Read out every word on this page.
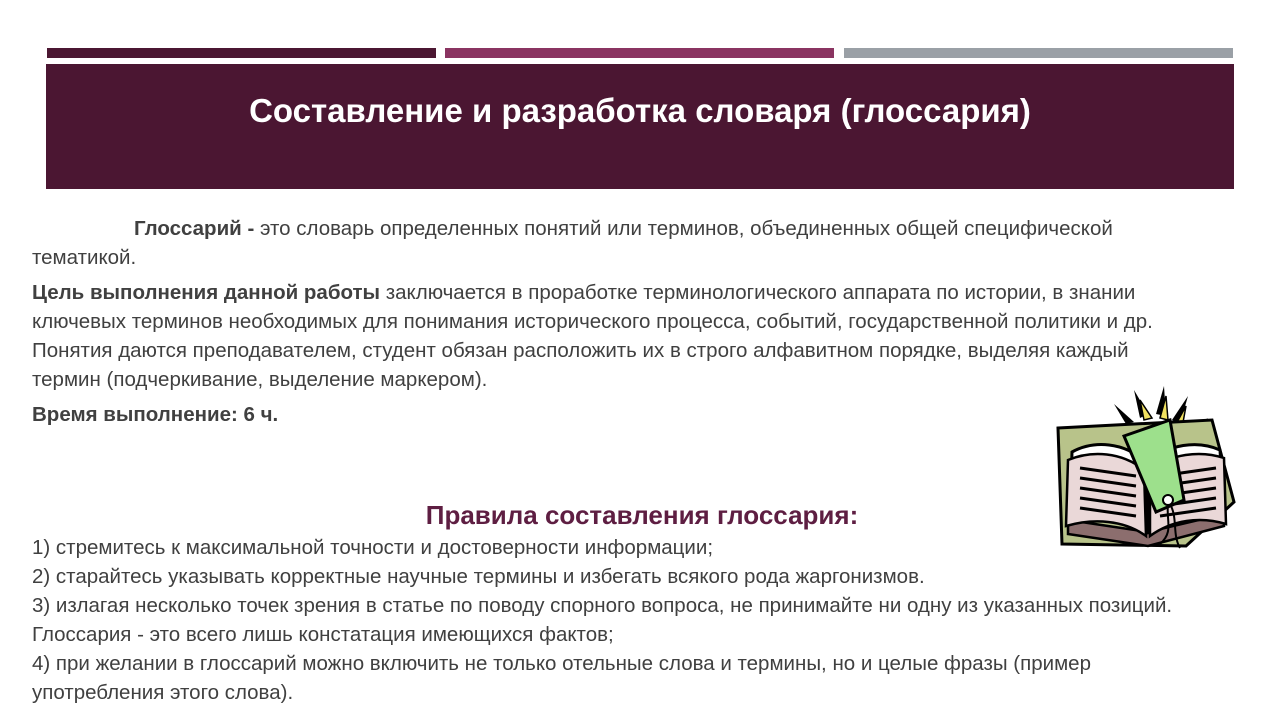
Составление и разработка словаря (глоссария)

Глоссарий - это словарь определенных понятий или терминов, объединенных общей специфической тематикой.

Цель выполнения данной работы заключается в проработке терминологического аппарата по истории, в знании ключевых терминов необходимых для понимания исторического процесса, событий, государственной политики и др.
Понятия даются преподавателем, студент обязан расположить их в строго алфавитном порядке, выделяя каждый термин (подчеркивание, выделение маркером).

Время выполнение: 6 ч.

Правила составления глоссария:
1) стремитесь к максимальной точности и достоверности информации;
2) старайтесь указывать корректные научные термины и избегать всякого рода жаргонизмов.
3) излагая несколько точек зрения в статье по поводу спорного вопроса, не принимайте ни одну из указанных позиций. Глоссария - это всего лишь констатация имеющихся фактов;
4) при желании в глоссарий можно включить не только отельные слова и термины, но и целые фразы (пример употребления этого слова).
